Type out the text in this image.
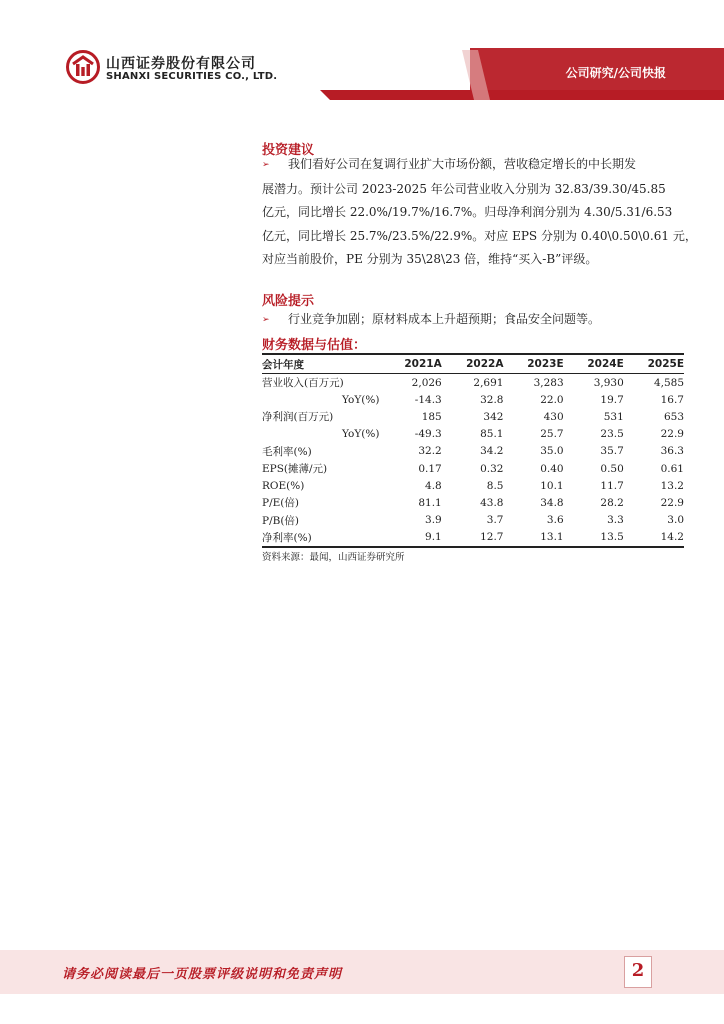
山西证券股份有限公司
SHANXI SECURITIES CO., LTD.	公司研究/公司快报
投资建议
➢ 我们看好公司在复调行业扩大市场份额，营收稳定增长的中长期发
展潜力。预计公司 2023-2025 年公司营业收入分别为 32.83/39.30/45.85
亿元，同比增长 22.0%/19.7%/16.7%。归母净利润分别为 4.30/5.31/6.53
亿元，同比增长 25.7%/23.5%/22.9%。对应 EPS 分别为 0.40\0.50\0.61 元，
对应当前股价，PE 分别为 35\28\23 倍，维持“买入-B”评级。
风险提示
➢ 行业竞争加剧；原材料成本上升超预期；食品安全问题等。
财务数据与估值：
会计年度	2021A	2022A	2023E	2024E	2025E
营业收入(百万元)	2,026	2,691	3,283	3,930	4,585
YoY(%)	-14.3	32.8	22.0	19.7	16.7
净利润(百万元)	185	342	430	531	653
YoY(%)	-49.3	85.1	25.7	23.5	22.9
毛利率(%)	32.2	34.2	35.0	35.7	36.3
EPS(摊薄/元)	0.17	0.32	0.40	0.50	0.61
ROE(%)	4.8	8.5	10.1	11.7	13.2
P/E(倍)	81.1	43.8	34.8	28.2	22.9
P/B(倍)	3.9	3.7	3.6	3.3	3.0
净利率(%)	9.1	12.7	13.1	13.5	14.2
资料来源：最闻，山西证券研究所
请务必阅读最后一页股票评级说明和免责声明	2
